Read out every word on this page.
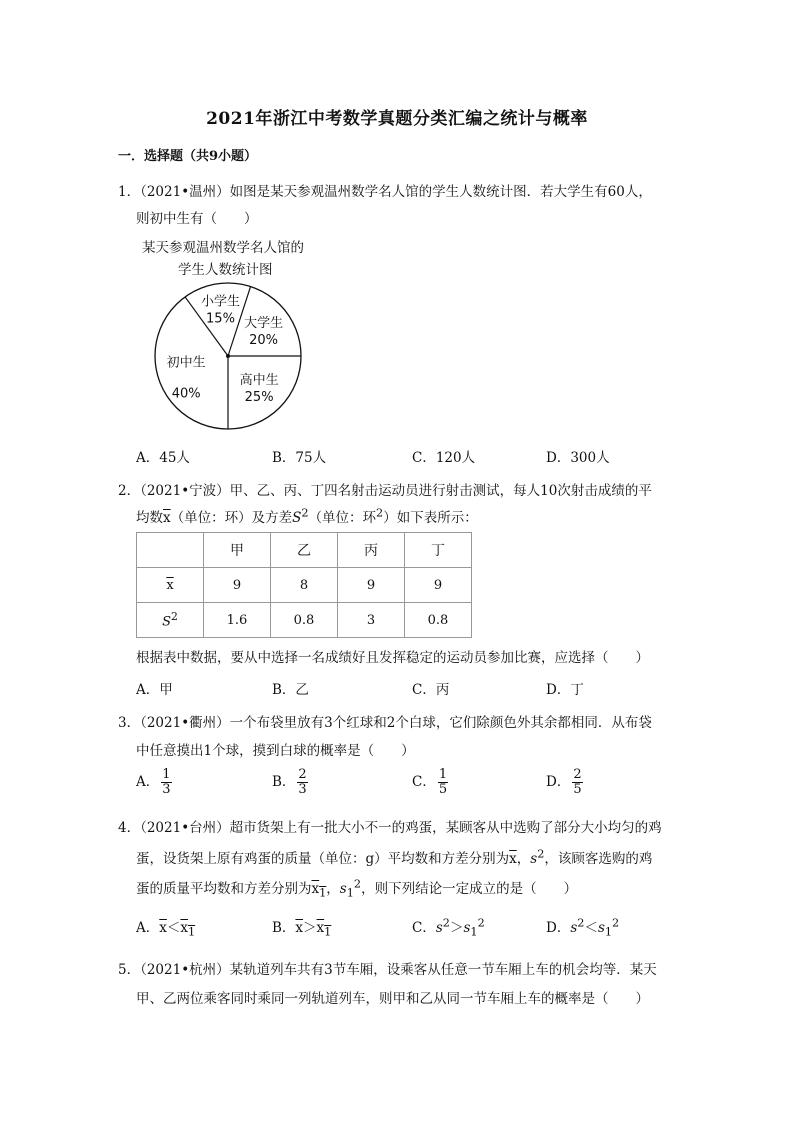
2021年浙江中考数学真题分类汇编之统计与概率
一．选择题（共9小题）
1．（2021•温州）如图是某天参观温州数学名人馆的学生人数统计图．若大学生有60人，
则初中生有（　　）
某天参观温州数学名人馆的
学生人数统计图
小学生
15% 大学生
20%
高中生
25%
初中生
40%
A．45人	B．75人	C．120人	D．300人
2．（2021•宁波）甲、乙、丙、丁四名射击运动员进行射击测试，每人10次射击成绩的平
均数$\overline{x}$（单位：环）及方差$S^2$（单位：环$^2$）如下表所示：
	甲	乙	丙	丁
$\overline{x}$	9	8	9	9
$S^2$	1.6	0.8	3	0.8
根据表中数据，要从中选择一名成绩好且发挥稳定的运动员参加比赛，应选择（　　）
A．甲	B．乙	C．丙	D．丁
3．（2021•衢州）一个布袋里放有3个红球和2个白球，它们除颜色外其余都相同．从布袋
中任意摸出1个球，摸到白球的概率是（　　）
A． $\frac{1}{3}$	B． $\frac{2}{3}$	C． $\frac{1}{5}$	D． $\frac{2}{5}$
4．（2021•台州）超市货架上有一批大小不一的鸡蛋，某顾客从中选购了部分大小均匀的鸡
蛋，设货架上原有鸡蛋的质量（单位：g）平均数和方差分别为$\overline{x}$，$s^2$，该顾客选购的鸡
蛋的质量平均数和方差分别为$x_1$，$s_1^2$，则下列结论一定成立的是（　　）
A．$\overline{x}<x_1$	B．$\overline{x}>x_1$	C．$s^2>s_1^2$	D．$s^2<s_1^2$
5．（2021•杭州）某轨道列车共有3节车厢，设乘客从任意一节车厢上车的机会均等．某天
甲、乙两位乘客同时乘同一列轨道列车，则甲和乙从同一节车厢上车的概率是（　　）
